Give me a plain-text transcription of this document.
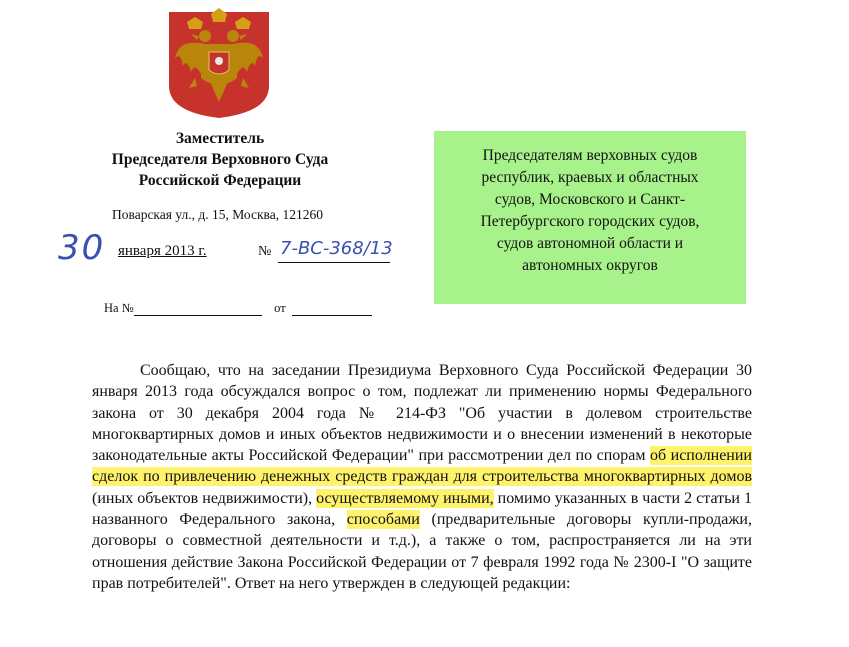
Заместитель
Председателя Верховного Суда
Российской Федерации
Поварская ул., д. 15, Москва, 121260
30 января 2013 г.	№ 7-ВС-368/13
На №	от
Председателям верховных судов
республик, краевых и областных
судов, Московского и Санкт-
Петербургского городских судов,
судов автономной области и
автономных округов

Сообщаю, что на заседании Президиума Верховного Суда Российской Федерации 30 января 2013 года обсуждался вопрос о том, подлежат ли применению нормы Федерального закона от 30 декабря 2004 года № 214-ФЗ "Об участии в долевом строительстве многоквартирных домов и иных объектов недвижимости и о внесении изменений в некоторые законодательные акты Российской Федерации" при рассмотрении дел по спорам об исполнении сделок по привлечению денежных средств граждан для строительства многоквартирных домов (иных объектов недвижимости), осуществляемому иными, помимо указанных в части 2 статьи 1 названного Федерального закона, способами (предварительные договоры купли-продажи, договоры о совместной деятельности и т.д.), а также о том, распространяется ли на эти отношения действие Закона Российской Федерации от 7 февраля 1992 года № 2300-I "О защите прав потребителей". Ответ на него утвержден в следующей редакции:
